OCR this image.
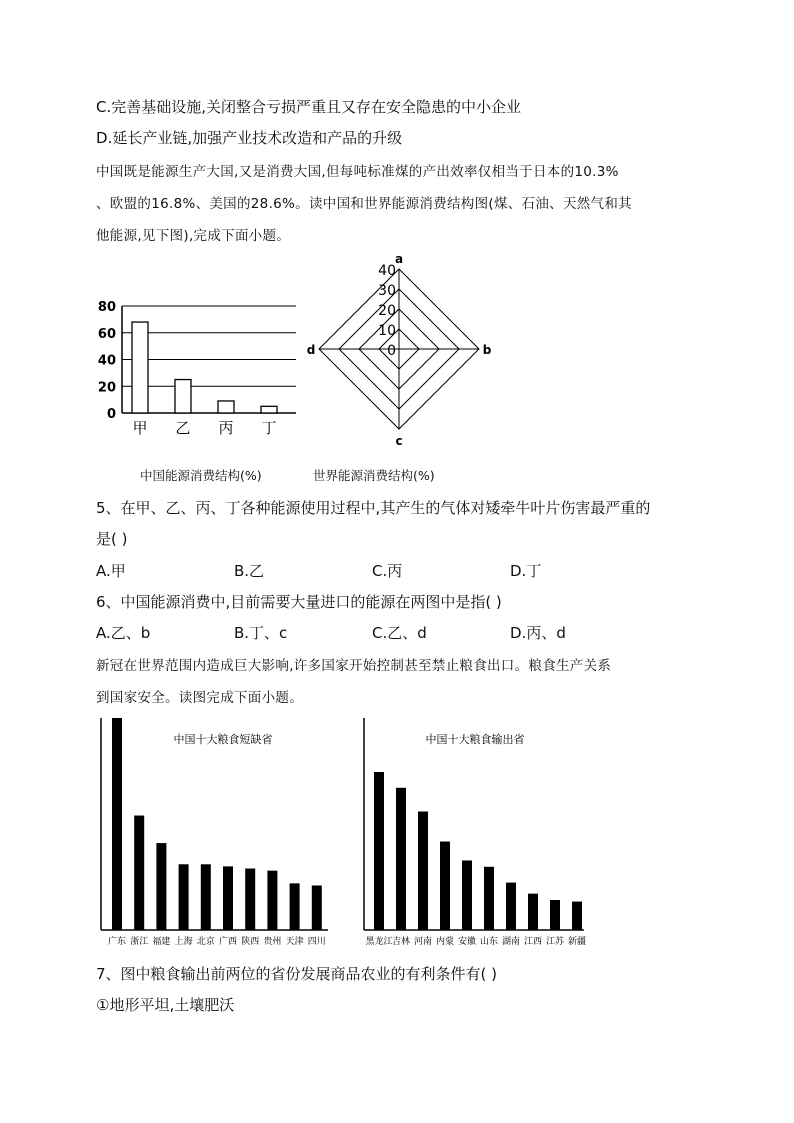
C.完善基础设施,关闭整合亏损严重且又存在安全隐患的中小企业
D.延长产业链,加强产业技术改造和产品的升级
中国既是能源生产大国,又是消费大国,但每吨标准煤的产出效率仅相当于日本的10.3%
、欧盟的16.8%、美国的28.6%。读中国和世界能源消费结构图(煤、石油、天然气和其
他能源,见下图),完成下面小题。
0
20
40
60
80
甲 乙 丙 丁
0
10
20
30
40
a
b
c
d
中国能源消费结构(%)	世界能源消费结构(%)
5、在甲、乙、丙、丁各种能源使用过程中,其产生的气体对矮牵牛叶片伤害最严重的
是( )
A.甲	B.乙	C.丙	D.丁
6、中国能源消费中,目前需要大量进口的能源在两图中是指( )
A.乙、b	B.丁、c	C.乙、d	D.丙、d
新冠在世界范围内造成巨大影响,许多国家开始控制甚至禁止粮食出口。粮食生产关系
到国家安全。读图完成下面小题。
中国十大粮食短缺省
广东 浙江 福建 上海 北京 广西 陕西 贵州 天津 四川
中国十大粮食输出省
黑龙江 吉林 河南 内蒙 安徽 山东 湖南 江西 江苏 新疆
7、图中粮食输出前两位的省份发展商品农业的有利条件有( )
①地形平坦,土壤肥沃
